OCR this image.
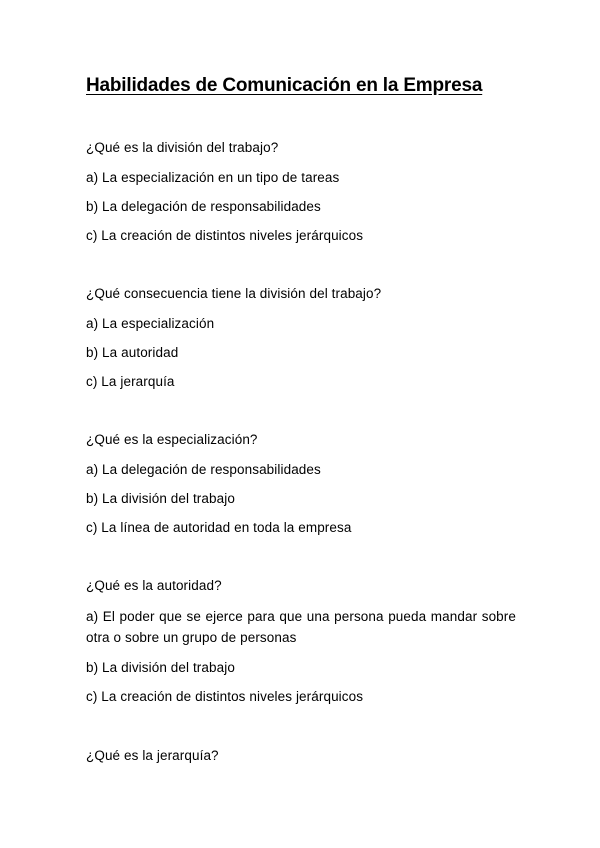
Habilidades de Comunicación en la Empresa
¿Qué es la división del trabajo?
a) La especialización en un tipo de tareas
b) La delegación de responsabilidades
c) La creación de distintos niveles jerárquicos
¿Qué consecuencia tiene la división del trabajo?
a) La especialización
b) La autoridad
c) La jerarquía
¿Qué es la especialización?
a) La delegación de responsabilidades
b) La división del trabajo
c) La línea de autoridad en toda la empresa
¿Qué es la autoridad?
a) El poder que se ejerce para que una persona pueda mandar sobre otra o sobre un grupo de personas
b) La división del trabajo
c) La creación de distintos niveles jerárquicos
¿Qué es la jerarquía?
